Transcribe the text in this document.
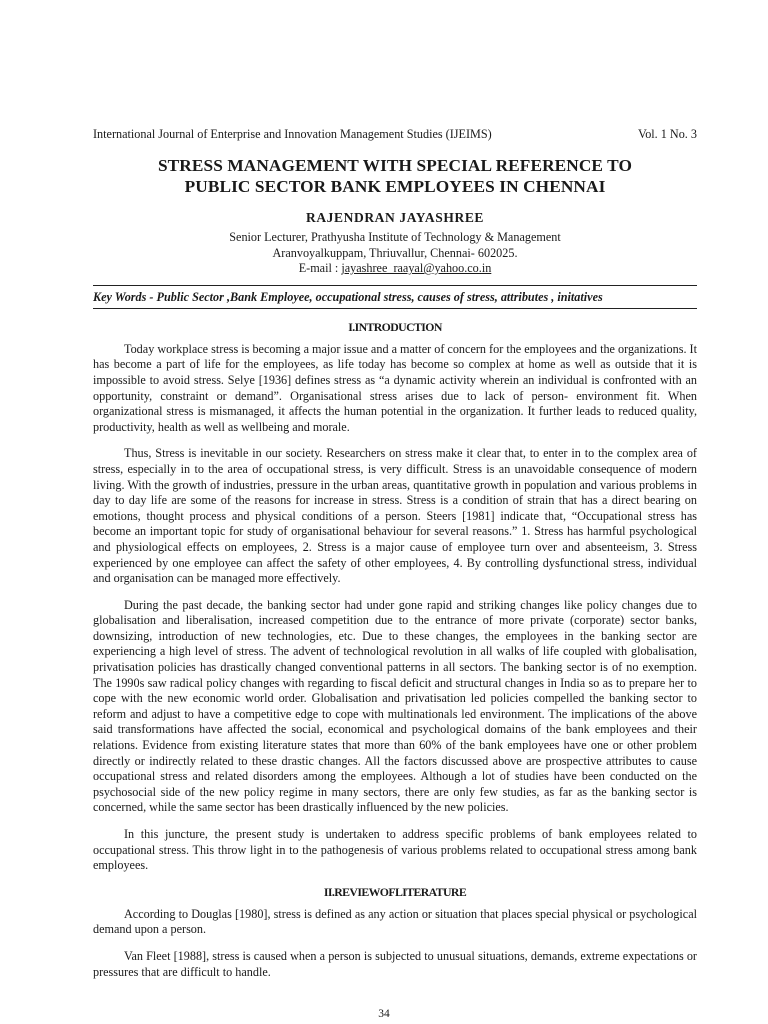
International Journal of Enterprise and Innovation Management Studies (IJEIMS)	Vol. 1 No. 3
STRESS MANAGEMENT WITH SPECIAL REFERENCE TO
PUBLIC SECTOR BANK EMPLOYEES IN CHENNAI
RAJENDRAN JAYASHREE
Senior Lecturer, Prathyusha Institute of Technology & Management
Aranvoyalkuppam, Thriuvallur, Chennai- 602025.
E-mail : jayashree_raayal@yahoo.co.in
Key Words - Public Sector ,Bank Employee, occupational stress, causes of stress, attributes , initatives
I.INTRODUCTION

Today workplace stress is becoming a major issue and a matter of concern for the employees and the organizations. It has become a part of life for the employees, as life today has become so complex at home as well as outside that it is impossible to avoid stress. Selye [1936] defines stress as “a dynamic activity wherein an individual is confronted with an opportunity, constraint or demand”. Organisational stress arises due to lack of person- environment fit. When organizational stress is mismanaged, it affects the human potential in the organization. It further leads to reduced quality, productivity, health as well as wellbeing and morale.

Thus, Stress is inevitable in our society. Researchers on stress make it clear that, to enter in to the complex area of stress, especially in to the area of occupational stress, is very difficult. Stress is an unavoidable consequence of modern living. With the growth of industries, pressure in the urban areas, quantitative growth in population and various problems in day to day life are some of the reasons for increase in stress. Stress is a condition of strain that has a direct bearing on emotions, thought process and physical conditions of a person. Steers [1981] indicate that, “Occupational stress has become an important topic for study of organisational behaviour for several reasons.” 1. Stress has harmful psychological and physiological effects on employees, 2. Stress is a major cause of employee turn over and absenteeism, 3. Stress experienced by one employee can affect the safety of other employees, 4. By controlling dysfunctional stress, individual and organisation can be managed more effectively.

During the past decade, the banking sector had under gone rapid and striking changes like policy changes due to globalisation and liberalisation, increased competition due to the entrance of more private (corporate) sector banks, downsizing, introduction of new technologies, etc. Due to these changes, the employees in the banking sector are experiencing a high level of stress. The advent of technological revolution in all walks of life coupled with globalisation, privatisation policies has drastically changed conventional patterns in all sectors. The banking sector is of no exemption. The 1990s saw radical policy changes with regarding to fiscal deficit and structural changes in India so as to prepare her to cope with the new economic world order. Globalisation and privatisation led policies compelled the banking sector to reform and adjust to have a competitive edge to cope with multinationals led environment. The implications of the above said transformations have affected the social, economical and psychological domains of the bank employees and their relations. Evidence from existing literature states that more than 60% of the bank employees have one or other problem directly or indirectly related to these drastic changes. All the factors discussed above are prospective attributes to cause occupational stress and related disorders among the employees. Although a lot of studies have been conducted on the psychosocial side of the new policy regime in many sectors, there are only few studies, as far as the banking sector is concerned, while the same sector has been drastically influenced by the new policies.

In this juncture, the present study is undertaken to address specific problems of bank employees related to occupational stress. This throw light in to the pathogenesis of various problems related to occupational stress among bank employees.

II.REVIEWOFLITERATURE

According to Douglas [1980], stress is defined as any action or situation that places special physical or psychological demand upon a person.

Van Fleet [1988], stress is caused when a person is subjected to unusual situations, demands, extreme expectations or pressures that are difficult to handle.

34
